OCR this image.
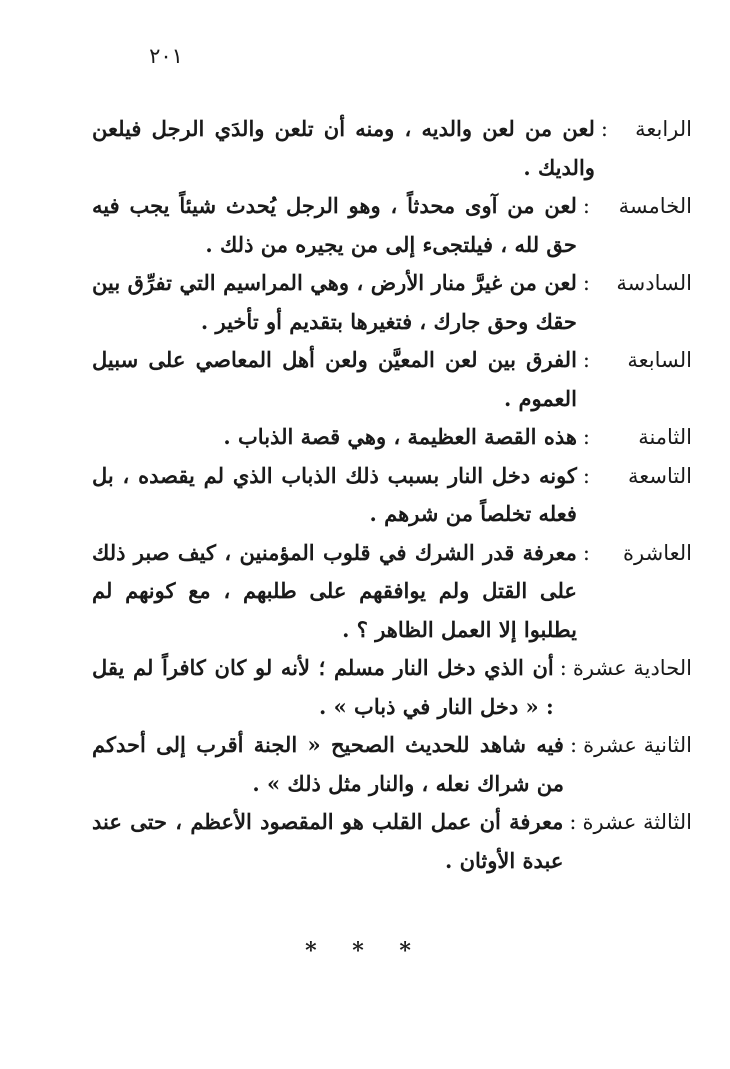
٢٠١
الرابعة
:
لعن من لعن والديه ، ومنه أن تلعن والدَي الرجل فيلعن والديك .
الخامسة
:
لعن من آوى محدثاً ، وهو الرجل يُحدث شيئاً يجب فيه حق لله ، فيلتجىء إلى من يجيره من ذلك .
السادسة
:
لعن من غيرَّ منار الأرض ، وهي المراسيم التي تفرِّق بين حقك وحق جارك ، فتغيرها بتقديم أو تأخير .
السابعة
:
الفرق بين لعن المعيَّن ولعن أهل المعاصي على سبيل العموم .
الثامنة
:
هذه القصة العظيمة ، وهي قصة الذباب .
التاسعة
:
كونه دخل النار بسبب ذلك الذباب الذي لم يقصده ، بل فعله تخلصاً من شرهم .
العاشرة
:
معرفة قدر الشرك في قلوب المؤمنين ، كيف صبر ذلك على القتل ولم يوافقهم على طلبهم ، مع كونهم لم يطلبوا إلا العمل الظاهر ؟ .
الحادية عشرة
:
أن الذي دخل النار مسلم ؛ لأنه لو كان كافراً لم يقل : « دخل النار في ذباب » .
الثانية عشرة
:
فيه شاهد للحديث الصحيح « الجنة أقرب إلى أحدكم من شراك نعله ، والنار مثل ذلك » .
الثالثة عشرة
:
معرفة أن عمل القلب هو المقصود الأعظم ، حتى عند عبدة الأوثان .
* * *
